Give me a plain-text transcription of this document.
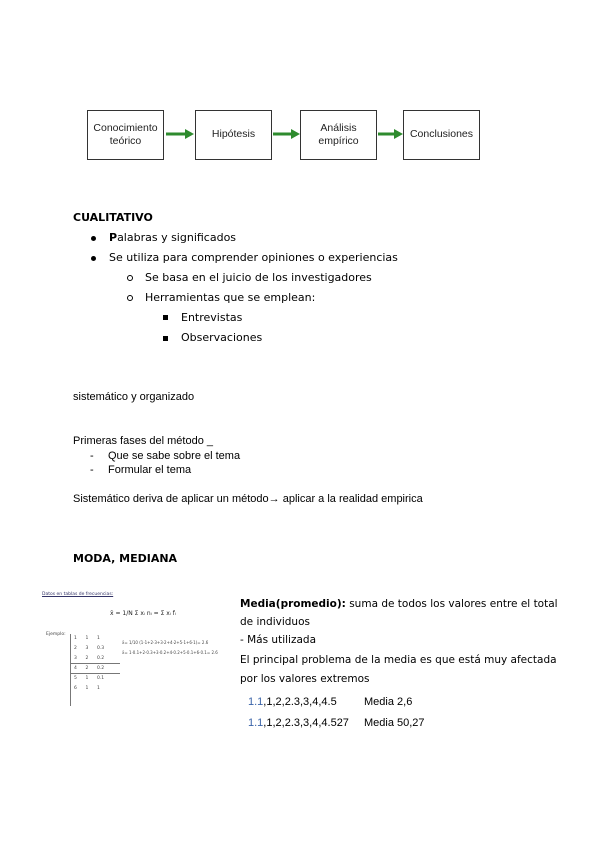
Conocimiento
teórico
Hipótesis
Análisis
empírico
Conclusiones
CUALITATIVO
Palabras y significados
Se utiliza para comprender opiniones o experiencias
Se basa en el juicio de los investigadores
Herramientas que se emplean:
Entrevistas
Observaciones
sistemático y organizado
Primeras fases del método _
- Que se sabe sobre el tema
- Formular el tema
Sistemático deriva de aplicar un método→ aplicar a la realidad empirica
MODA, MEDIANA
Datos en tablas de frecuencias:
x̄ = 1/N Σ xᵢ nᵢ = Σ xᵢ fᵢ
Ejemplo:
1 1 1
2 3 0.3
3 2 0.2
4 2 0.2
5 1 0.1
6 1 1
x̄= 1/10 (1·1+2·3+3·2+4·2+5·1+6·1)= 2.6
x̄= 1·0.1+2·0.3+3·0.2+4·0.2+5·0.1+6·0.1= 2.6
Media(promedio): suma de todos los valores entre el total
de individuos
- Más utilizada
El principal problema de la media es que está muy afectada
por los valores extremos
1.1,1,2,2.3,3,4,4.5 Media 2,6
1.1,1,2,2.3,3,4,4.527 Media 50,27
